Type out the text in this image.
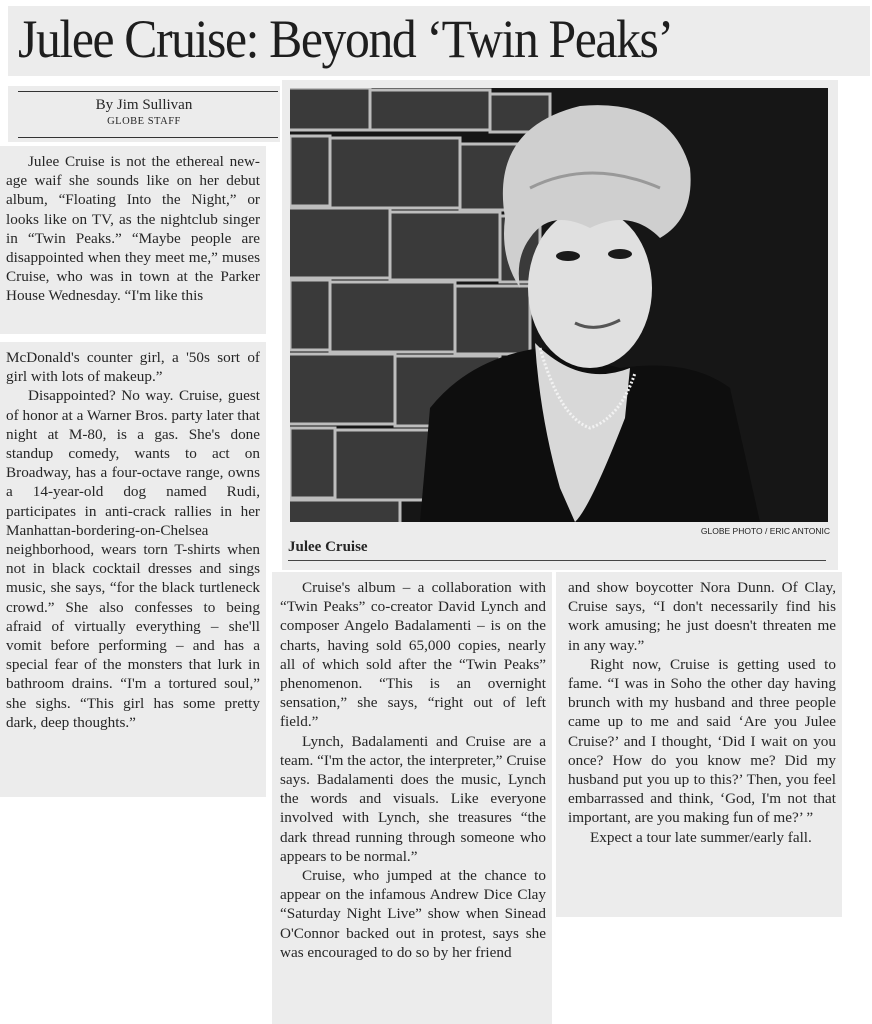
Julee Cruise: Beyond ‘Twin Peaks’
By Jim Sullivan
GLOBE STAFF

Julee Cruise is not the ethereal new-age waif she sounds like on her debut album, “Floating Into the Night,” or looks like on TV, as the nightclub singer in “Twin Peaks.” “Maybe people are disappointed when they meet me,” muses Cruise, who was in town at the Parker House Wednesday. “I'm like this

McDonald's counter girl, a '50s sort of girl with lots of makeup.”

Disappointed? No way. Cruise, guest of honor at a Warner Bros. party later that night at M-80, is a gas. She's done standup comedy, wants to act on Broadway, has a four-octave range, owns a 14-year-old dog named Rudi, participates in anti-crack rallies in her Manhattan-bordering-on-Chelsea neighborhood, wears torn T-shirts when not in black cocktail dresses and sings music, she says, “for the black turtleneck crowd.” She also confesses to being afraid of virtually everything – she'll vomit before performing – and has a special fear of the monsters that lurk in bathroom drains. “I'm a tortured soul,” she sighs. “This girl has some pretty dark, deep thoughts.”

GLOBE PHOTO / ERIC ANTONIC
Julee Cruise

Cruise's album – a collaboration with “Twin Peaks” co-creator David Lynch and composer Angelo Badalamenti – is on the charts, having sold 65,000 copies, nearly all of which sold after the “Twin Peaks” phenomenon. “This is an overnight sensation,” she says, “right out of left field.”

Lynch, Badalamenti and Cruise are a team. “I'm the actor, the interpreter,” Cruise says. Badalamenti does the music, Lynch the words and visuals. Like everyone involved with Lynch, she treasures “the dark thread running through someone who appears to be normal.”

Cruise, who jumped at the chance to appear on the infamous Andrew Dice Clay “Saturday Night Live” show when Sinead O'Connor backed out in protest, says she was encouraged to do so by her friend

and show boycotter Nora Dunn. Of Clay, Cruise says, “I don't necessarily find his work amusing; he just doesn't threaten me in any way.”

Right now, Cruise is getting used to fame. “I was in Soho the other day having brunch with my husband and three people came up to me and said ‘Are you Julee Cruise?’ and I thought, ‘Did I wait on you once? How do you know me? Did my husband put you up to this?’ Then, you feel embarrassed and think, ‘God, I'm not that important, are you making fun of me?’ ”

Expect a tour late summer/early fall.
